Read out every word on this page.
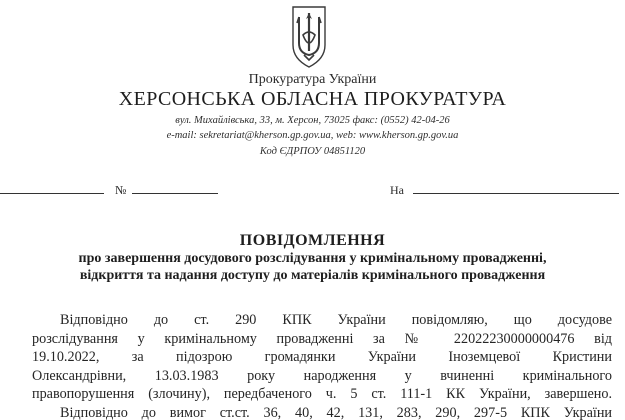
Прокуратура України
ХЕРСОНСЬКА ОБЛАСНА ПРОКУРАТУРА
вул. Михайлівська, 33, м. Херсон, 73025 факс: (0552) 42-04-26
e-mail: sekretariat@kherson.gp.gov.ua, web: www.kherson.gp.gov.ua
Код ЄДРПОУ 04851120
№	На
ПОВІДОМЛЕННЯ
про завершення досудового розслідування у кримінальному провадженні,
відкриття та надання доступу до матеріалів кримінального провадження
Відповідно до ст. 290 КПК України повідомляю, що досудове
розслідування у кримінальному провадженні за № 22022230000000476 від
19.10.2022, за підозрою громадянки України Іноземцевої Кристини
Олександрівни, 13.03.1983 року народження у вчиненні кримінального
правопорушення (злочину), передбаченого ч. 5 ст. 111-1 КК України, завершено.
Відповідно до вимог ст.ст. 36, 40, 42, 131, 283, 290, 297-5 КПК України
